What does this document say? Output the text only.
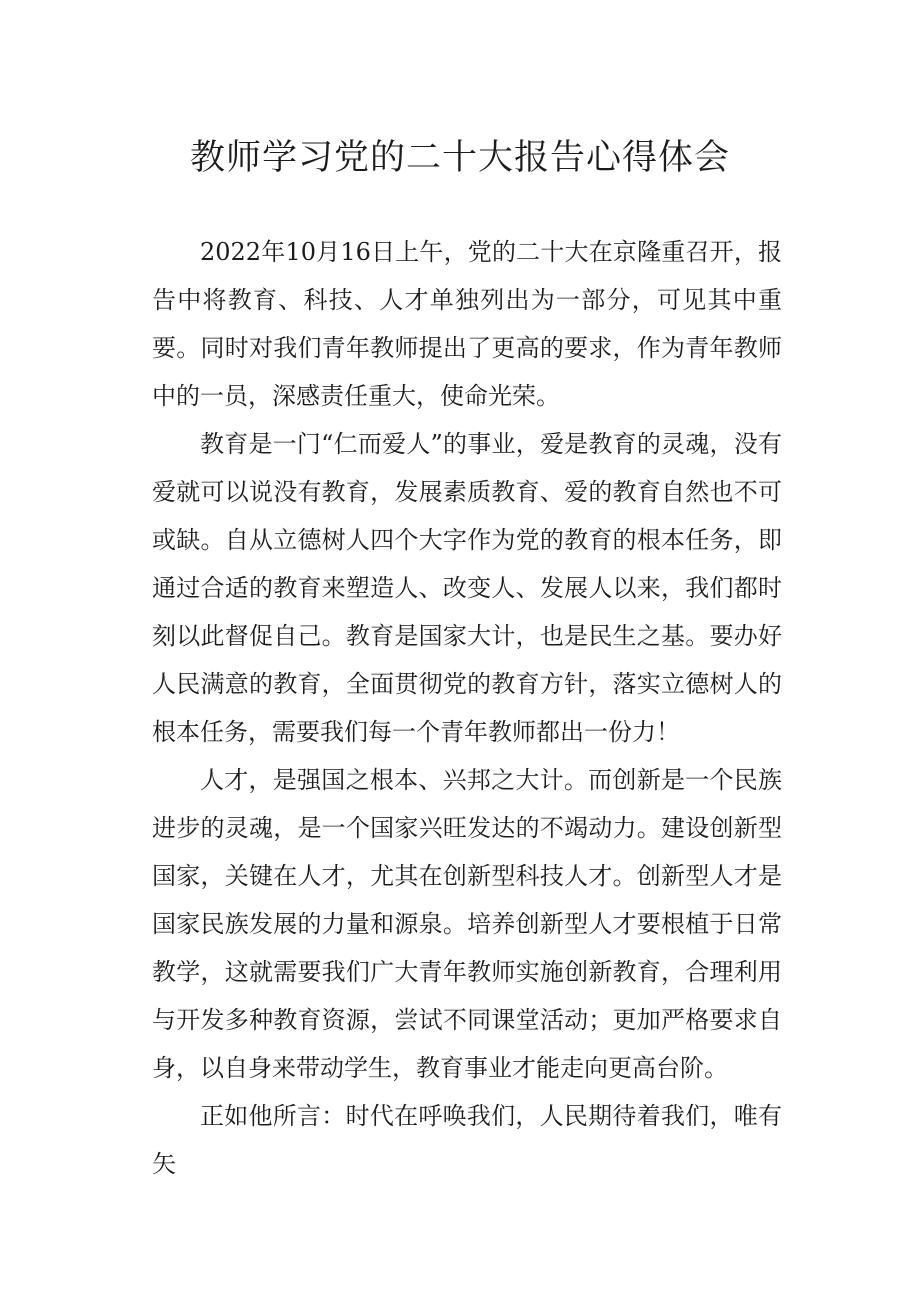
教师学习党的二十大报告心得体会

2022年10月16日上午，党的二十大在京隆重召开，报告中将教育、科技、人才单独列出为一部分，可见其中重要。同时对我们青年教师提出了更高的要求，作为青年教师中的一员，深感责任重大，使命光荣。

教育是一门“仁而爱人”的事业，爱是教育的灵魂，没有爱就可以说没有教育，发展素质教育、爱的教育自然也不可或缺。自从立德树人四个大字作为党的教育的根本任务，即通过合适的教育来塑造人、改变人、发展人以来，我们都时刻以此督促自己。教育是国家大计，也是民生之基。要办好人民满意的教育，全面贯彻党的教育方针，落实立德树人的根本任务，需要我们每一个青年教师都出一份力！

人才，是强国之根本、兴邦之大计。而创新是一个民族进步的灵魂，是一个国家兴旺发达的不竭动力。建设创新型国家，关键在人才，尤其在创新型科技人才。创新型人才是国家民族发展的力量和源泉。培养创新型人才要根植于日常教学，这就需要我们广大青年教师实施创新教育，合理利用与开发多种教育资源，尝试不同课堂活动；更加严格要求自身，以自身来带动学生，教育事业才能走向更高台阶。

正如他所言：时代在呼唤我们，人民期待着我们，唯有矢
